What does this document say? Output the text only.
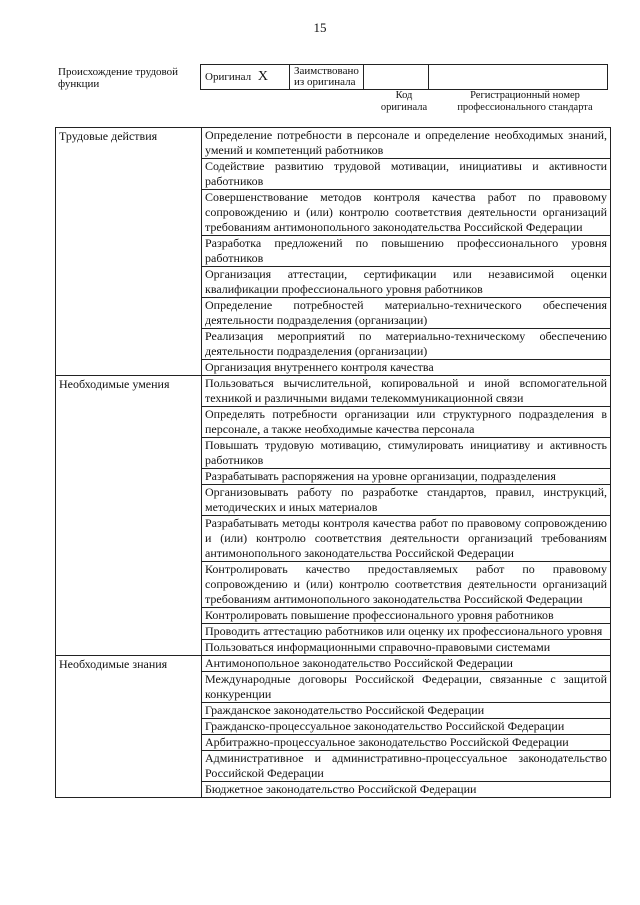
15
Происхождение трудовой функции
Оригинал X	Заимствовано из оригинала		
Код оригинала
Регистрационный номер профессионального стандарта
Трудовые действия	Определение потребности в персонале и определение необходимых знаний, умений и компетенций работников
	Содействие развитию трудовой мотивации, инициативы и активности работников
	Совершенствование методов контроля качества работ по правовому сопровождению и (или) контролю соответствия деятельности организаций требованиям антимонопольного законодательства Российской Федерации
	Разработка предложений по повышению профессионального уровня работников
	Организация аттестации, сертификации или независимой оценки квалификации профессионального уровня работников
	Определение потребностей материально-технического обеспечения деятельности подразделения (организации)
	Реализация мероприятий по материально-техническому обеспечению деятельности подразделения (организации)
	Организация внутреннего контроля качества
Необходимые умения	Пользоваться вычислительной, копировальной и иной вспомогательной техникой и различными видами телекоммуникационной связи
	Определять потребности организации или структурного подразделения в персонале, а также необходимые качества персонала
	Повышать трудовую мотивацию, стимулировать инициативу и активность работников
	Разрабатывать распоряжения на уровне организации, подразделения
	Организовывать работу по разработке стандартов, правил, инструкций, методических и иных материалов
	Разрабатывать методы контроля качества работ по правовому сопровождению и (или) контролю соответствия деятельности организаций требованиям антимонопольного законодательства Российской Федерации
	Контролировать качество предоставляемых работ по правовому сопровождению и (или) контролю соответствия деятельности организаций требованиям антимонопольного законодательства Российской Федерации
	Контролировать повышение профессионального уровня работников
	Проводить аттестацию работников или оценку их профессионального уровня
	Пользоваться информационными справочно-правовыми системами
Необходимые знания	Антимонопольное законодательство Российской Федерации
	Международные договоры Российской Федерации, связанные с защитой конкуренции
	Гражданское законодательство Российской Федерации
	Гражданско-процессуальное законодательство Российской Федерации
	Арбитражно-процессуальное законодательство Российской Федерации
	Административное и административно-процессуальное законодательство Российской Федерации
	Бюджетное законодательство Российской Федерации
